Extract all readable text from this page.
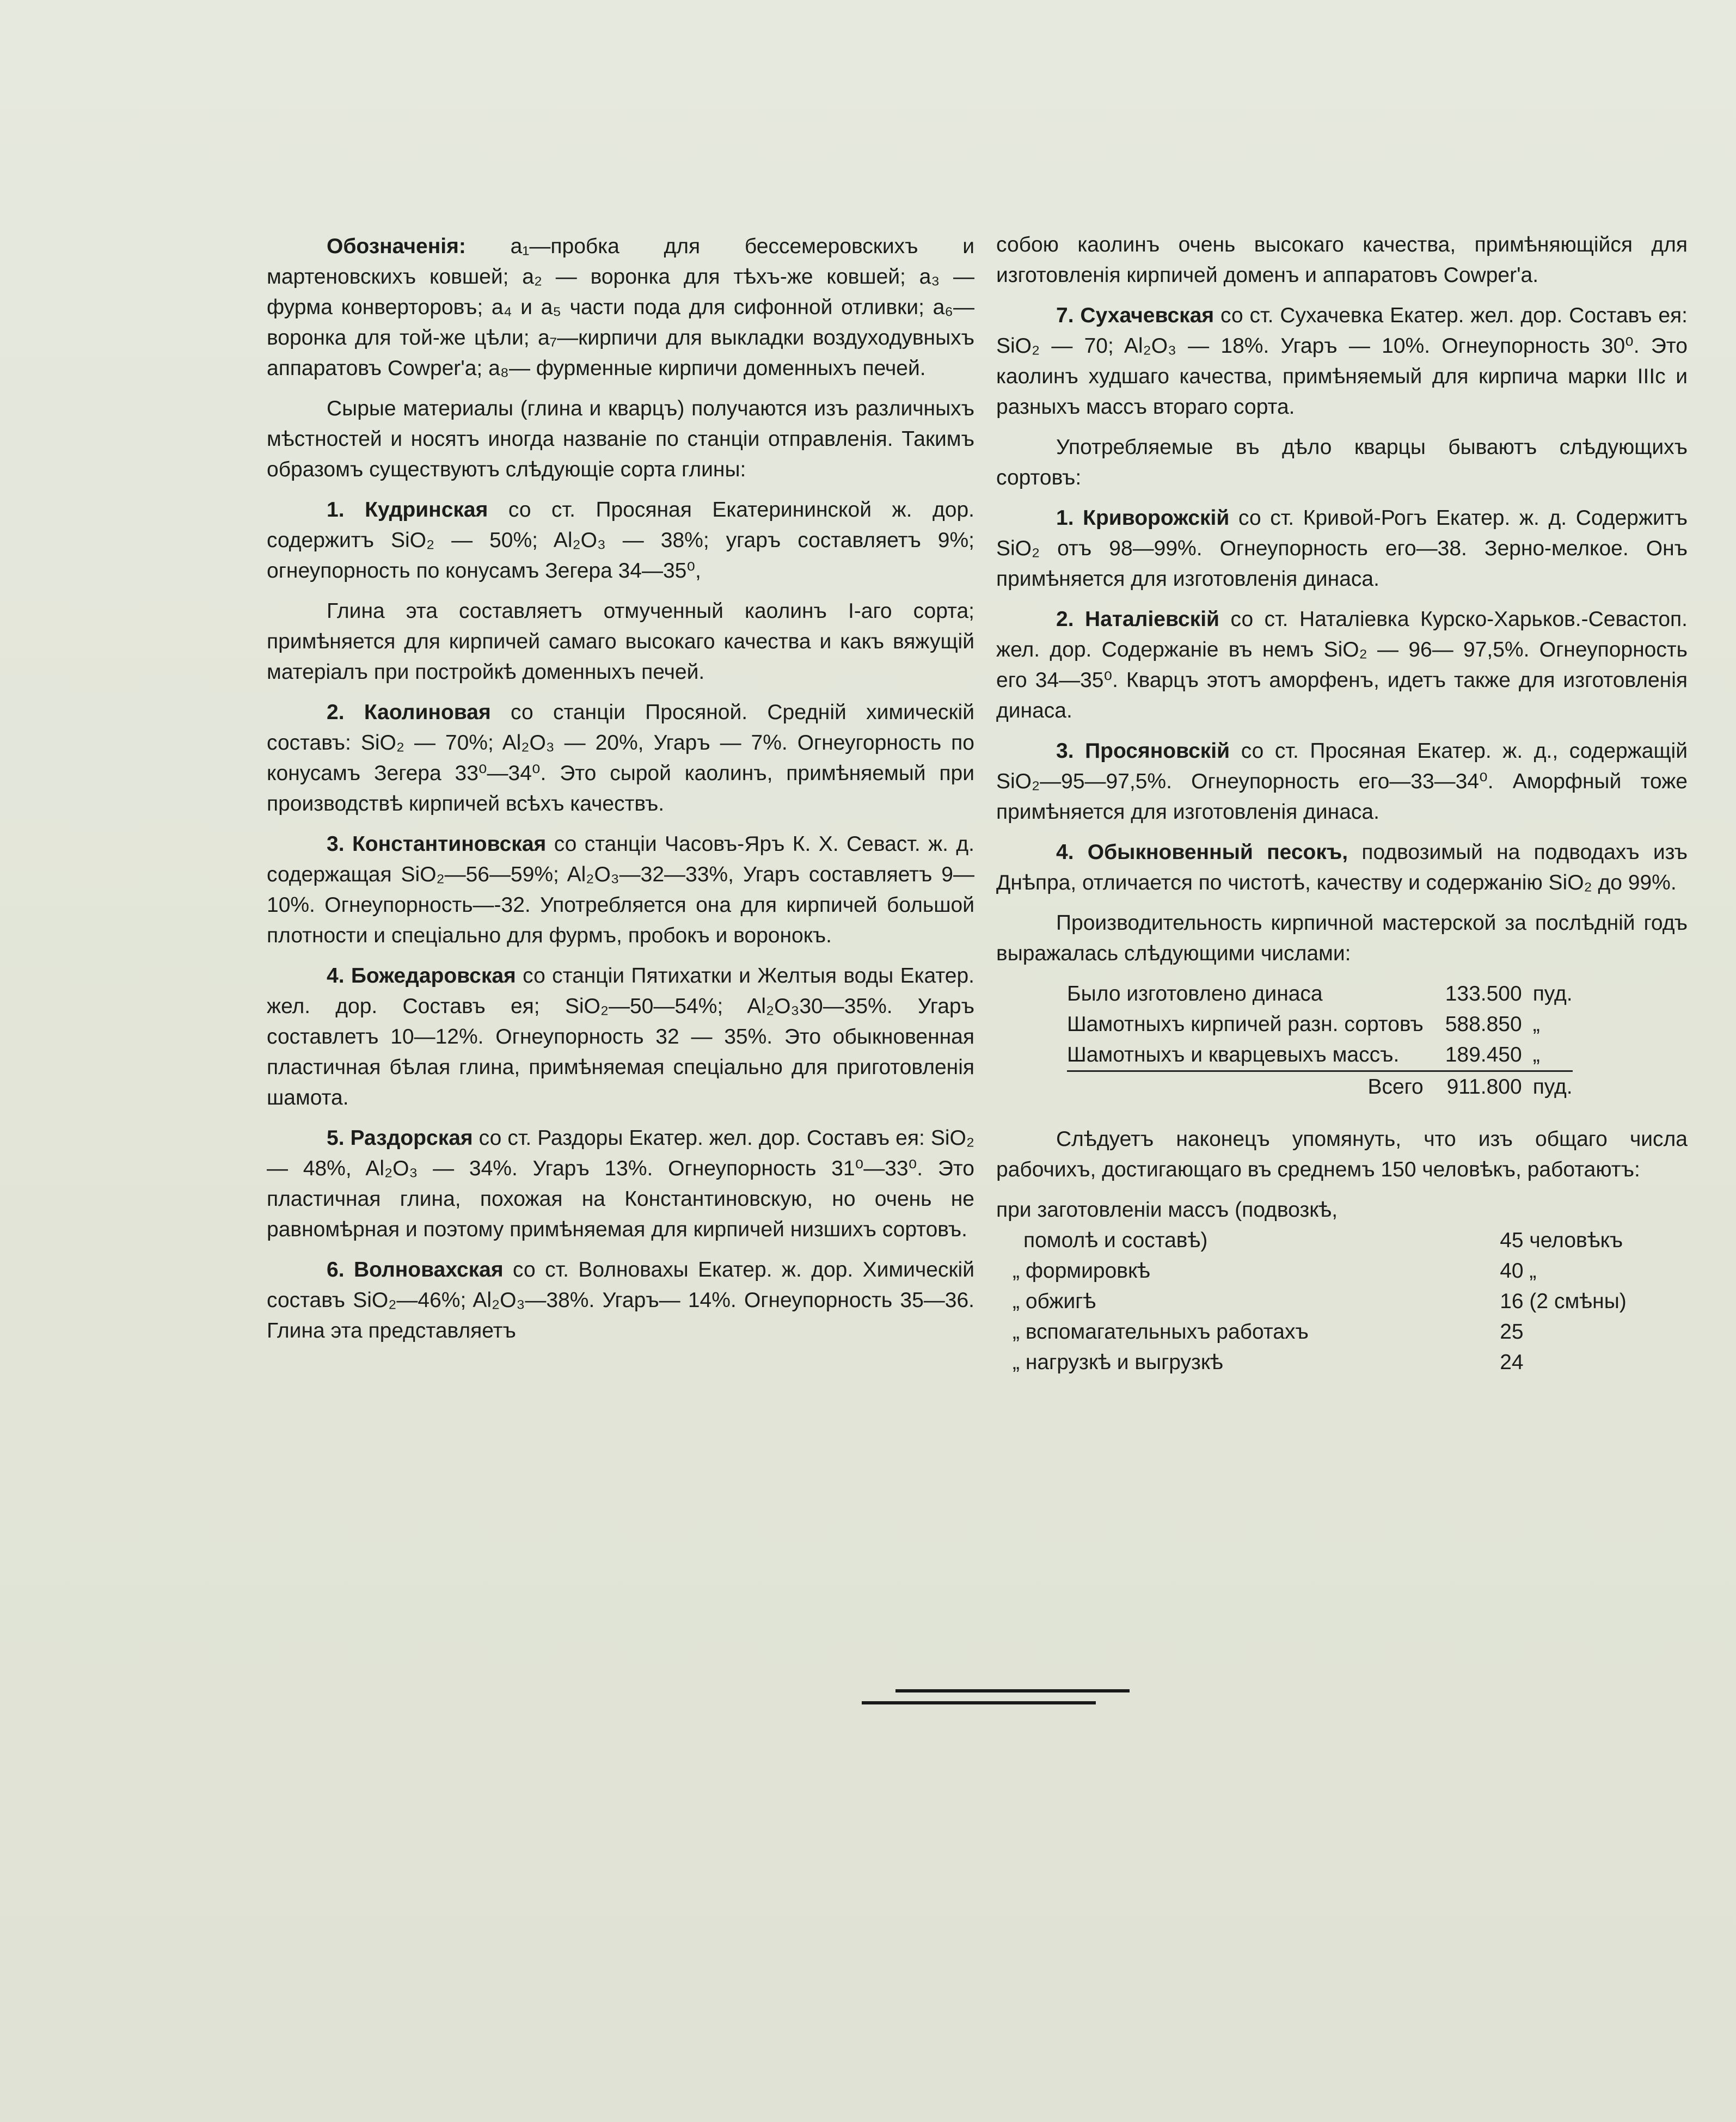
Обозначенія: a₁—пробка для бессемеровскихъ и мартеновскихъ ковшей; a₂ — воронка для тѣхъ-же ковшей; a₃ — фурма конверторовъ; a₄ и a₅ части пода для сифонной отливки; a₆—воронка для той-же цѣли; a₇—кирпичи для выкладки воздуходувныхъ аппаратовъ Cowper'a; a₈— фурменные кирпичи доменныхъ печей.

Сырые материалы (глина и кварцъ) получаются изъ различныхъ мѣстностей и носятъ иногда названіе по станціи отправленія. Такимъ образомъ существуютъ слѣдующіе сорта глины:

1. Кудринская со ст. Просяная Екатерининской ж. дор. содержитъ SiO₂ — 50%; Al₂O₃ — 38%; угаръ составляетъ 9%; огнеупорность по конусамъ Зегера 34—35⁰,

Глина эта составляетъ отмученный каолинъ I-аго сорта; примѣняется для кирпичей самаго высокаго качества и какъ вяжущій матеріалъ при постройкѣ доменныхъ печей.

2. Каолиновая со станціи Просяной. Средній химическій составъ: SiO₂ — 70%; Al₂O₃ — 20%, Угаръ — 7%. Огнеугорность по конусамъ Зегера 33⁰—34⁰. Это сырой каолинъ, примѣняемый при производствѣ кирпичей всѣхъ качествъ.

3. Константиновская со станціи Часовъ-Яръ К. Х. Севаст. ж. д. содержащая SiO₂—56—59%; Al₂O₃—32—33%, Угаръ составляетъ 9—10%. Огнеупорность—-32. Употребляется она для кирпичей большой плотности и спеціально для фурмъ, пробокъ и воронокъ.

4. Божедаровская со станціи Пятихатки и Желтыя воды Екатер. жел. дор. Составъ ея; SiO₂—50—54%; Al₂O₃30—35%. Угаръ составлетъ 10—12%. Огнеупорность 32 — 35%. Это обыкновенная пластичная бѣлая глина, примѣняемая спеціально для приготовленія шамота.

5. Раздорская со ст. Раздоры Екатер. жел. дор. Составъ ея: SiO₂ — 48%, Al₂O₃ — 34%. Угаръ 13%. Огнеупорность 31⁰—33⁰. Это пластичная глина, похожая на Константиновскую, но очень не равномѣрная и поэтому примѣняемая для кирпичей низшихъ сортовъ.

6. Волновахская со ст. Волновахы Екатер. ж. дор. Химическій составъ SiO₂—46%; Al₂O₃—38%. Угаръ— 14%. Огнеупорность 35—36. Глина эта представляетъ

собою каолинъ очень высокаго качества, примѣняющійся для изготовленія кирпичей доменъ и аппаратовъ Cowper'a.

7. Сухачевская со ст. Сухачевка Екатер. жел. дор. Составъ ея: SiO₂ — 70; Al₂O₃ — 18%. Угаръ — 10%. Огнеупорность 30⁰. Это каолинъ худшаго качества, примѣняемый для кирпича марки IIIс и разныхъ массъ втораго сорта.

Употребляемые въ дѣло кварцы бываютъ слѣдующихъ сортовъ:

1. Криворожскій со ст. Кривой-Рогъ Екатер. ж. д. Содержитъ SiO₂ отъ 98—99%. Огнеупорность его—38. Зерно-мелкое. Онъ примѣняется для изготовленія динаса.

2. Наталіевскій со ст. Наталіевка Курско-Харьков.-Севастоп. жел. дор. Содержаніе въ немъ SiO₂ — 96— 97,5%. Огнеупорность его 34—35⁰. Кварцъ этотъ аморфенъ, идетъ также для изготовленія динаса.

3. Просяновскій со ст. Просяная Екатер. ж. д., содержащій SiO₂—95—97,5%. Огнеупорность его—33—34⁰. Аморфный тоже примѣняется для изготовленія динаса.

4. Обыкновенный песокъ, подвозимый на подводахъ изъ Днѣпра, отличается по чистотѣ, качеству и содержанію SiO₂ до 99%.

Производительность кирпичной мастерской за послѣдній годъ выражалась слѣдующими числами:

Было изготовлено динаса	133.500	пуд.
Шамотныхъ кирпичей разн. сортовъ	588.850	„
Шамотныхъ и кварцевыхъ массъ.	189.450	„
Всего	911.800	пуд.

Слѣдуетъ наконецъ упомянуть, что изъ общаго числа рабочихъ, достигающаго въ среднемъ 150 человѣкъ, работаютъ:

при заготовленіи массъ (подвозкѣ,	
помолѣ и составѣ)	45 человѣкъ
„ формировкѣ	40 „
„ обжигѣ	16 (2 смѣны)
„ вспомагательныхъ работахъ	25
„ нагрузкѣ и выгрузкѣ	24
